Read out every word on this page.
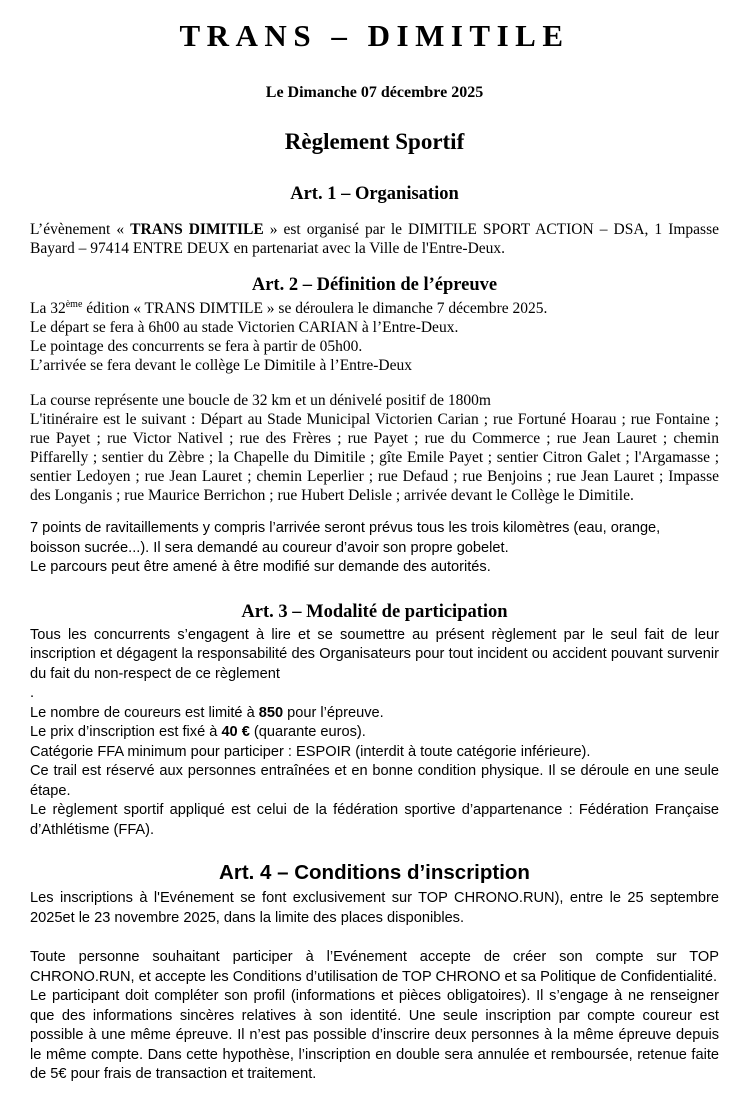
TRANS – DIMITILE
Le Dimanche 07 décembre 2025
Règlement Sportif
Art. 1 – Organisation

L’évènement « TRANS DIMITILE » est organisé par le DIMITILE SPORT ACTION – DSA, 1 Impasse Bayard – 97414 ENTRE DEUX en partenariat avec la Ville de l'Entre-Deux.

Art. 2 – Définition de l’épreuve

La 32ème édition « TRANS DIMTILE » se déroulera le dimanche 7 décembre 2025.

Le départ se fera à 6h00 au stade Victorien CARIAN à l’Entre-Deux.
Le pointage des concurrents se fera à partir de 05h00.
L’arrivée se fera devant le collège Le Dimitile à l’Entre-Deux
La course représente une boucle de 32 km et un dénivelé positif de 1800m

L'itinéraire est le suivant : Départ au Stade Municipal Victorien Carian ; rue Fortuné Hoarau ; rue Fontaine ; rue Payet ; rue Victor Nativel ; rue des Frères ; rue Payet ; rue du Commerce ; rue Jean Lauret ; chemin Piffarelly ; sentier du Zèbre ; la Chapelle du Dimitile ; gîte Emile Payet ; sentier Citron Galet ; l'Argamasse ; sentier Ledoyen ; rue Jean Lauret ; chemin Leperlier ; rue Defaud ; rue Benjoins ; rue Jean Lauret ; Impasse des Longanis ; rue Maurice Berrichon ; rue Hubert Delisle ; arrivée devant le Collège le Dimitile.

7 points de ravitaillements y compris l’arrivée seront prévus tous les trois kilomètres (eau, orange,
boisson sucrée...). Il sera demandé au coureur d’avoir son propre gobelet.
Le parcours peut être amené à être modifié sur demande des autorités.
Art. 3 – Modalité de participation

Tous les concurrents s’engagent à lire et se soumettre au présent règlement par le seul fait de leur inscription et dégagent la responsabilité des Organisateurs pour tout incident ou accident pouvant survenir du fait du non-respect de ce règlement

.
Le nombre de coureurs est limité à 850 pour l’épreuve.
Le prix d’inscription est fixé à 40 € (quarante euros).
Catégorie FFA minimum pour participer : ESPOIR (interdit à toute catégorie inférieure).

Ce trail est réservé aux personnes entraînées et en bonne condition physique. Il se déroule en une seule étape.

Le règlement sportif appliqué est celui de la fédération sportive d’appartenance : Fédération Française d’Athlétisme (FFA).

Art. 4 – Conditions d’inscription

Les inscriptions à l'Evénement se font exclusivement sur TOP CHRONO.RUN), entre le 25 septembre 2025et le 23 novembre 2025, dans la limite des places disponibles.

Toute personne souhaitant participer à l’Evénement accepte de créer son compte sur TOP CHRONO.RUN, et accepte les Conditions d’utilisation de TOP CHRONO et sa Politique de Confidentialité.

Le participant doit compléter son profil (informations et pièces obligatoires). Il s’engage à ne renseigner que des informations sincères relatives à son identité. Une seule inscription par compte coureur est possible à une même épreuve. Il n’est pas possible d’inscrire deux personnes à la même épreuve depuis le même compte. Dans cette hypothèse, l’inscription en double sera annulée et remboursée, retenue faite de 5€ pour frais de transaction et traitement.
